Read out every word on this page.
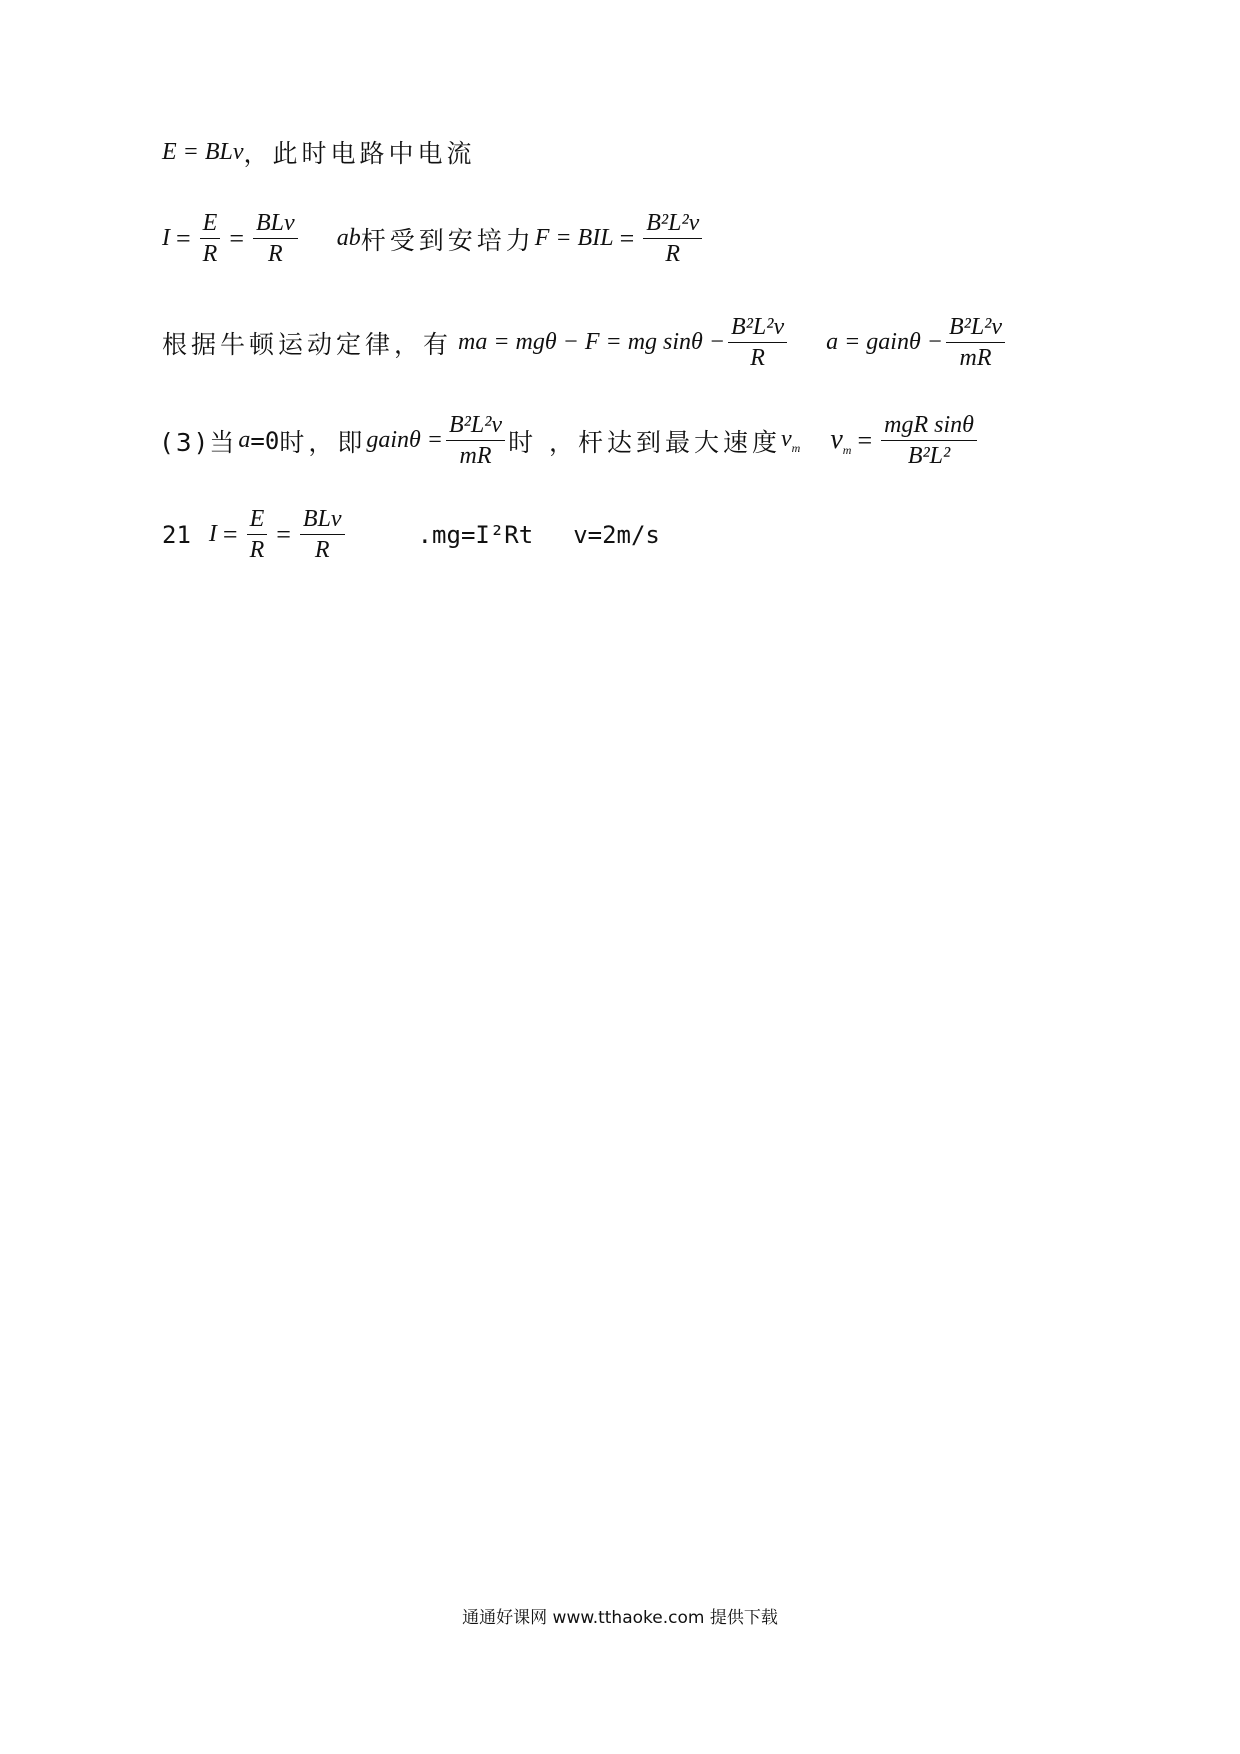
E = BLv ， 此时电路中电流
$I = \frac{E}{R} = \frac{\text{BLv}}{R}$ ab 杆受到安培力 F = BIL = $\frac{\text{B²L²v}}{R}$
根据牛顿运动定律，有 ma = mgθ − F = mg $\sin\theta - \frac{\text{B²L²v}}{R}$ a = gainθ − $\frac{\text{B²L²v}}{mR}$
(3)当 a =0 时，即 gainθ = $\frac{\text{B²L²v}}{mR}$ 时 ，杆达到最大速度 $v_m$ $\nu_m = \frac{\text{mgR sinθ}}{\text{B²L²}}$
21 $I = \frac{E}{R} = \frac{\text{BLv}}{R}$	.mg=I²Rt v=2m/s
通通好课网 www.tthaoke.com 提供下载
